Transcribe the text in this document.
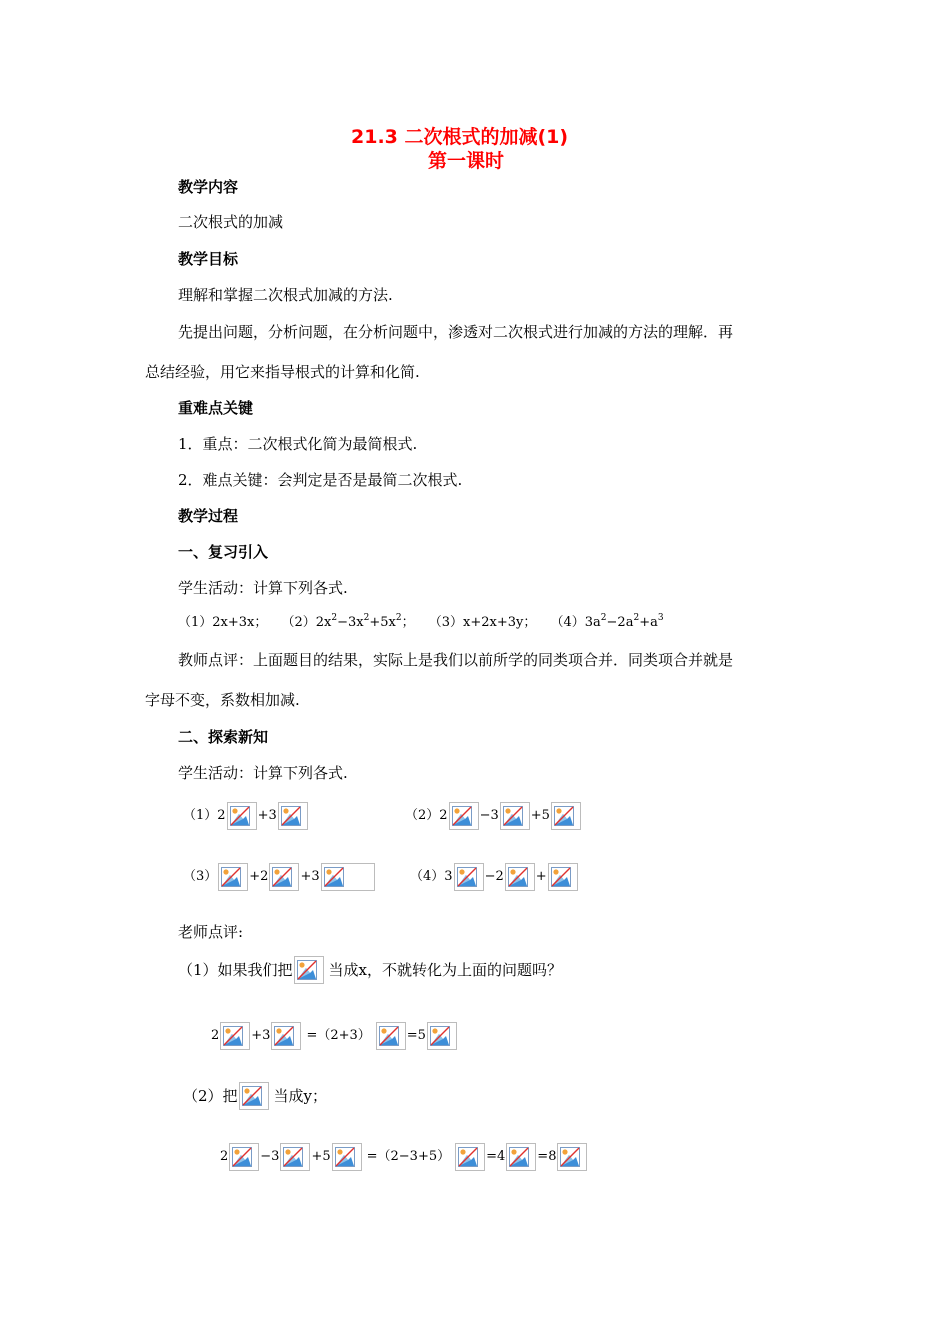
21.3 二次根式的加减(1)
第一课时
教学内容
二次根式的加减
教学目标
理解和掌握二次根式加减的方法.
先提出问题，分析问题，在分析问题中，渗透对二次根式进行加减的方法的理解．再
总结经验，用它来指导根式的计算和化简.
重难点关键
1．重点：二次根式化简为最简根式.
2．难点关键：会判定是否是最简二次根式.
教学过程
一、复习引入
学生活动：计算下列各式.
（1）2x+3x； $(2)2x^2-3x^2+5x^2$； （3）x+2x+3y； $(4)3a^2-2a^2+a^3$
教师点评：上面题目的结果，实际上是我们以前所学的同类项合并．同类项合并就是
字母不变，系数相加减.
二、探索新知
学生活动：计算下列各式.
（1） 2 +3	（2） 2 −3 +5
（3） +2 +3	（4） 3 −2 +
老师点评:
（1）如果我们把 当成x，不就转化为上面的问题吗？
2 +3	=（2+3）	=5
（2）把 当成y；
2 −3 +5	=（2−3+5）	=4 =8
